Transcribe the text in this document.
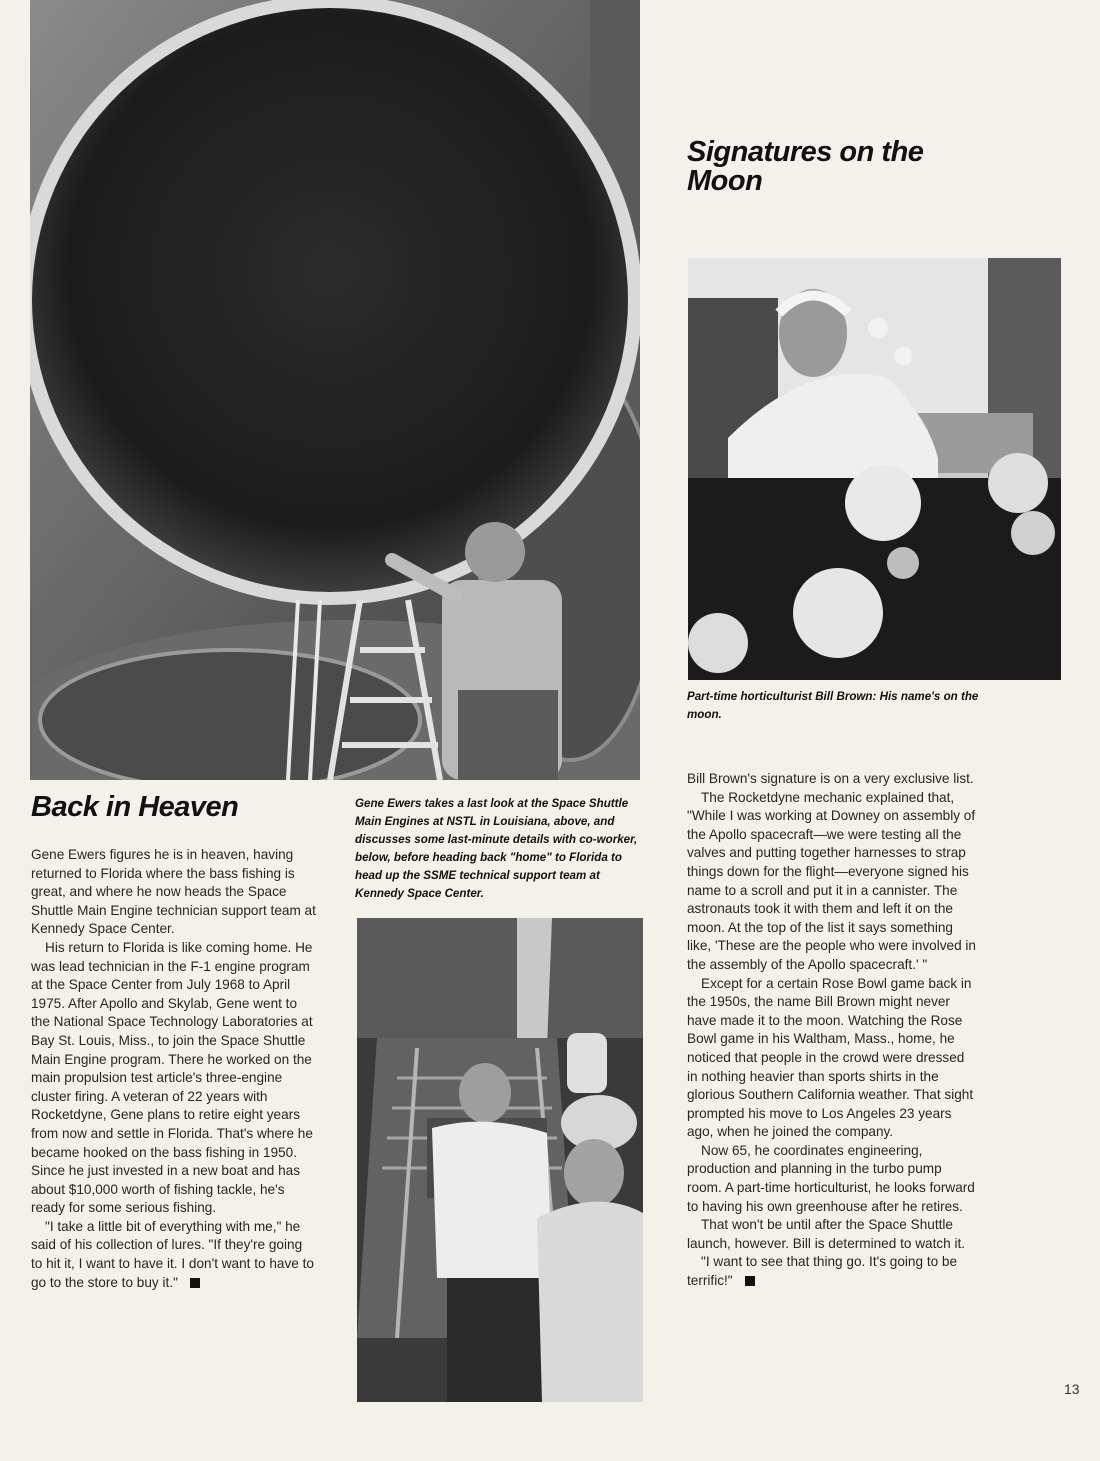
Signatures on the Moon

Part-time horticulturist Bill Brown: His name's on the moon.

Back in Heaven

Gene Ewers figures he is in heaven, having returned to Florida where the bass fishing is great, and where he now heads the Space Shuttle Main Engine technician support team at Kennedy Space Center.

His return to Florida is like coming home. He was lead technician in the F-1 engine program at the Space Center from July 1968 to April 1975. After Apollo and Skylab, Gene went to the National Space Technology Laboratories at Bay St. Louis, Miss., to join the Space Shuttle Main Engine program. There he worked on the main propulsion test article's three-engine cluster firing. A veteran of 22 years with Rocketdyne, Gene plans to retire eight years from now and settle in Florida. That's where he became hooked on the bass fishing in 1950. Since he just invested in a new boat and has about $10,000 worth of fishing tackle, he's ready for some serious fishing.

"I take a little bit of everything with me," he said of his collection of lures. "If they're going to hit it, I want to have it. I don't want to have to go to the store to buy it."

Gene Ewers takes a last look at the Space Shuttle Main Engines at NSTL in Louisiana, above, and discusses some last-minute details with co-worker, below, before heading back "home" to Florida to head up the SSME technical support team at Kennedy Space Center.

Bill Brown's signature is on a very exclusive list.

The Rocketdyne mechanic explained that, "While I was working at Downey on assembly of the Apollo spacecraft—we were testing all the valves and putting together harnesses to strap things down for the flight—everyone signed his name to a scroll and put it in a cannister. The astronauts took it with them and left it on the moon. At the top of the list it says something like, 'These are the people who were involved in the assembly of the Apollo spacecraft.' "

Except for a certain Rose Bowl game back in the 1950s, the name Bill Brown might never have made it to the moon. Watching the Rose Bowl game in his Waltham, Mass., home, he noticed that people in the crowd were dressed in nothing heavier than sports shirts in the glorious Southern California weather. That sight prompted his move to Los Angeles 23 years ago, when he joined the company.

Now 65, he coordinates engineering, production and planning in the turbo pump room. A part-time horticulturist, he looks forward to having his own greenhouse after he retires.

That won't be until after the Space Shuttle launch, however. Bill is determined to watch it.

"I want to see that thing go. It's going to be terrific!"

13
